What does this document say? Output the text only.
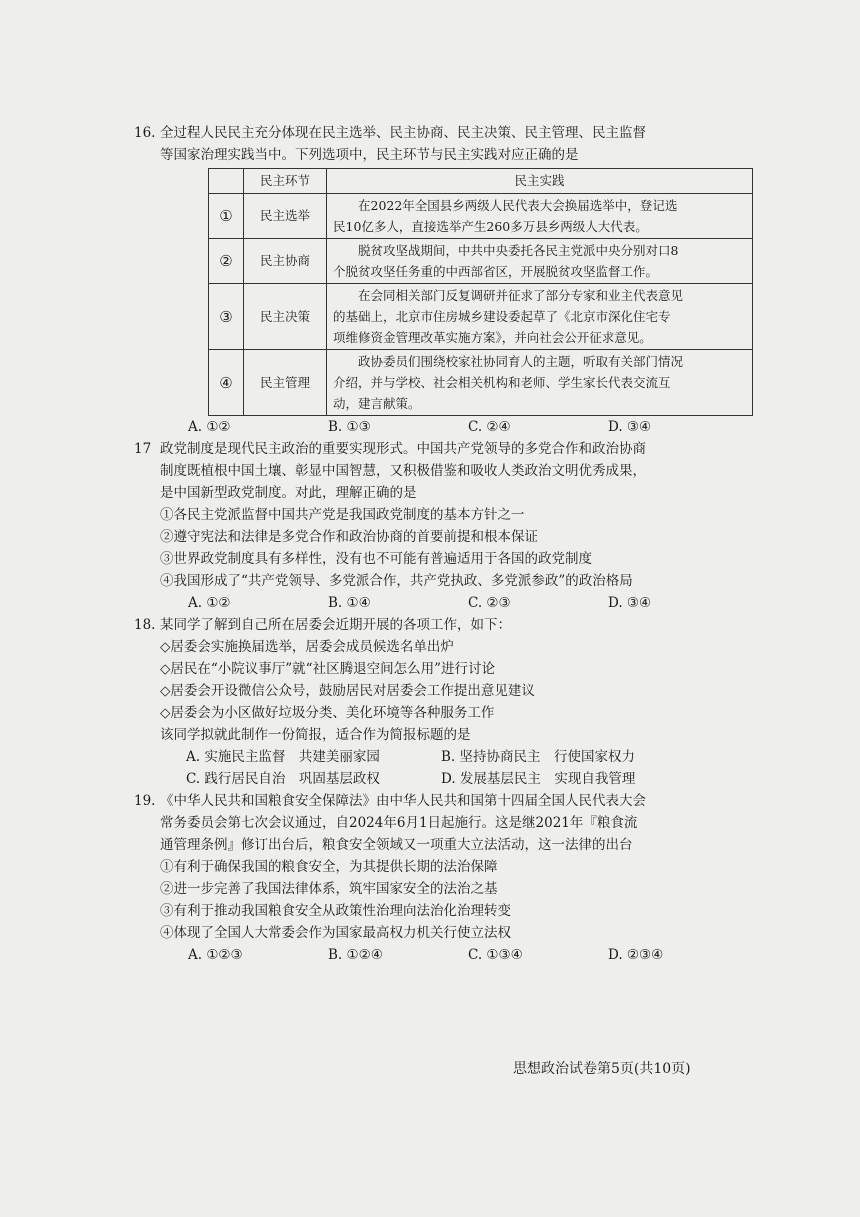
16. 全过程人民民主充分体现在民主选举、民主协商、民主决策、民主管理、民主监督
等国家治理实践当中。下列选项中，民主环节与民主实践对应正确的是
	民主环节	民主实践
①	民主选举	在2022年全国县乡两级人民代表大会换届选举中，登记选
民10亿多人，直接选举产生260多万县乡两级人大代表。

②	民主协商	脱贫攻坚战期间，中共中央委托各民主党派中央分别对口8
个脱贫攻坚任务重的中西部省区，开展脱贫攻坚监督工作。

③	民主决策	在会同相关部门反复调研并征求了部分专家和业主代表意见
的基础上，北京市住房城乡建设委起草了《北京市深化住宅专
项维修资金管理改革实施方案》，并向社会公开征求意见。

④	民主管理	政协委员们围绕校家社协同育人的主题，听取有关部门情况
介绍，并与学校、社会相关机构和老师、学生家长代表交流互
动，建言献策。
A. ①②	B. ①③	C. ②④	D. ③④
17 政党制度是现代民主政治的重要实现形式。中国共产党领导的多党合作和政治协商
制度既植根中国土壤、彰显中国智慧，又积极借鉴和吸收人类政治文明优秀成果，
是中国新型政党制度。对此，理解正确的是
①各民主党派监督中国共产党是我国政党制度的基本方针之一
②遵守宪法和法律是多党合作和政治协商的首要前提和根本保证
③世界政党制度具有多样性，没有也不可能有普遍适用于各国的政党制度
④我国形成了“共产党领导、多党派合作，共产党执政、多党派参政”的政治格局
A. ①②	B. ①④	C. ②③	D. ③④
18. 某同学了解到自己所在居委会近期开展的各项工作，如下：
◇居委会实施换届选举，居委会成员候选名单出炉
◇居民在“小院议事厅”就“社区腾退空间怎么用”进行讨论
◇居委会开设微信公众号，鼓励居民对居委会工作提出意见建议
◇居委会为小区做好垃圾分类、美化环境等各种服务工作
该同学拟就此制作一份简报，适合作为简报标题的是
A. 实施民主监督　共建美丽家园	B. 坚持协商民主　行使国家权力
C. 践行居民自治　巩固基层政权	D. 发展基层民主　实现自我管理
19. 《中华人民共和国粮食安全保障法》由中华人民共和国第十四届全国人民代表大会
常务委员会第七次会议通过，自2024年6月1日起施行。这是继2021年『粮食流
通管理条例』修订出台后，粮食安全领域又一项重大立法活动，这一法律的出台
①有利于确保我国的粮食安全，为其提供长期的法治保障
②进一步完善了我国法律体系，筑牢国家安全的法治之基
③有利于推动我国粮食安全从政策性治理向法治化治理转变
④体现了全国人大常委会作为国家最高权力机关行使立法权
A. ①②③	B. ①②④	C. ①③④	D. ②③④
思想政治试卷第5页(共10页)
